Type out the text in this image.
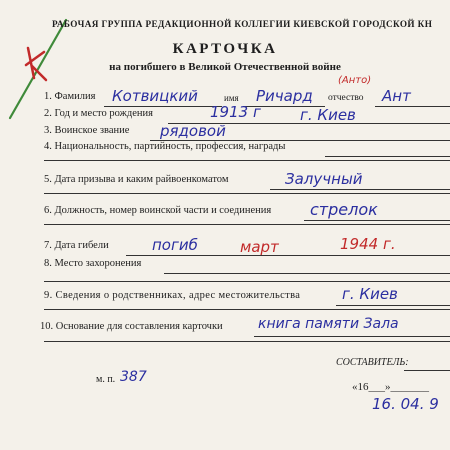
РАБОЧАЯ ГРУППА РЕДАКЦИОННОЙ КОЛЛЕГИИ КИЕВСКОЙ ГОРОДСКОЙ КН
КАРТОЧКА
на погибшего в Великой Отечественной войне
1. Фамилия Котвицкий	имя Ричард отчество Ант
(Анто)
2. Год и место рождения	1913 г	г. Киев
3. Воинское звание рядовой
4. Национальность, партийность, профессия, награды
5. Дата призыва и каким райвоенкоматом	Залучный
6. Должность, номер воинской части и соединения стрелок
7. Дата гибели	погиб	март	1944 г.
8. Место захоронения
9. Сведения о родственниках, адрес местожительства	г. Киев
10. Основание для составления карточки	книга памяти Зала
СОСТАВИТЕЛЬ:
«16___»_______
16. 04. 9
м. п. 387
